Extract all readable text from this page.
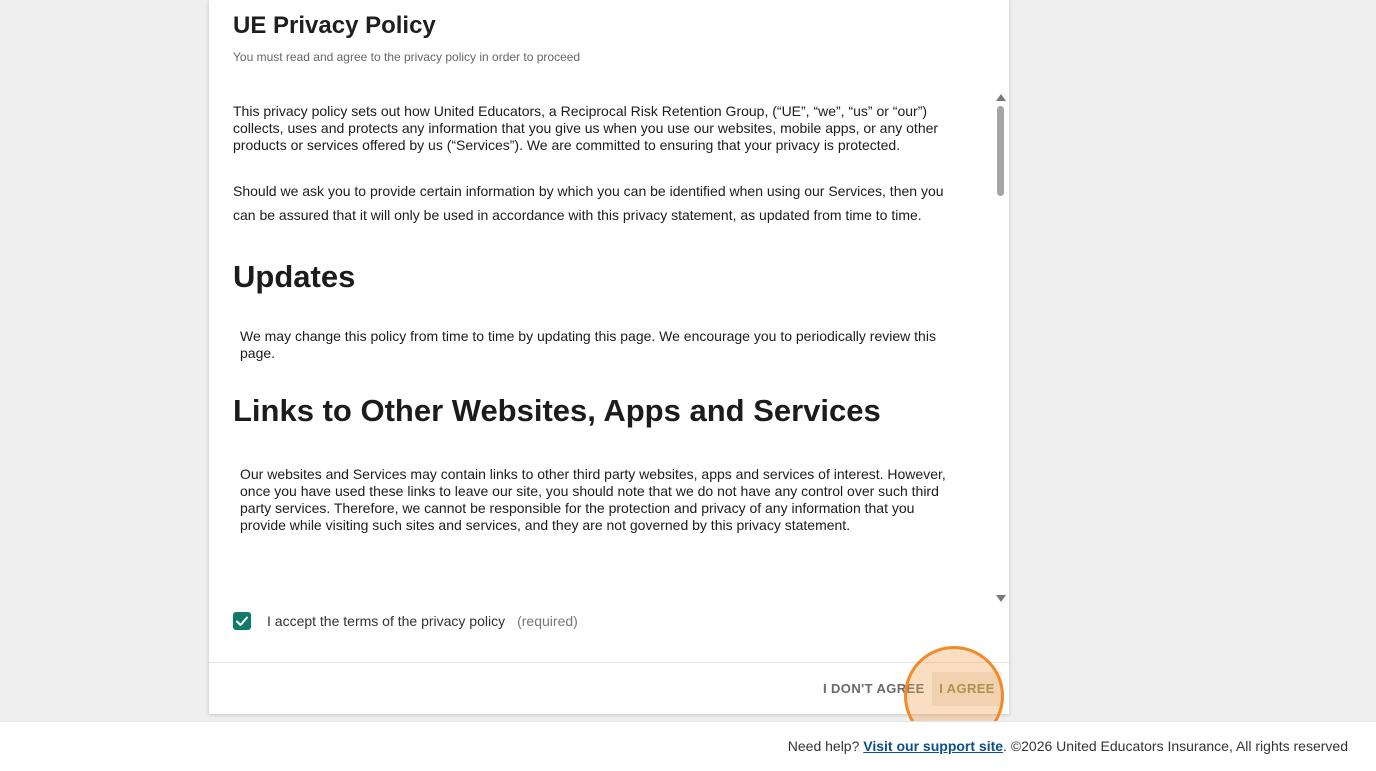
UE Privacy Policy

You must read and agree to the privacy policy in order to proceed

This privacy policy sets out how United Educators, a Reciprocal Risk Retention Group, (“UE”, “we”, “us” or “our”) collects, uses and protects any information that you give us when you use our websites, mobile apps, or any other products or services offered by us (“Services”). We are committed to ensuring that your privacy is protected.

Should we ask you to provide certain information by which you can be identified when using our Services, then you can be assured that it will only be used in accordance with this privacy statement, as updated from time to time.

Updates

We may change this policy from time to time by updating this page. We encourage you to periodically review this page.

Links to Other Websites, Apps and Services

Our websites and Services may contain links to other third party websites, apps and services of interest. However, once you have used these links to leave our site, you should note that we do not have any control over such third party services. Therefore, we cannot be responsible for the protection and privacy of any information that you provide while visiting such sites and services, and they are not governed by this privacy statement.

I accept the terms of the privacy policy (required)
I DON'T AGREE	I AGREE
Need help? Visit our support site. ©2026 United Educators Insurance, All rights reserved
